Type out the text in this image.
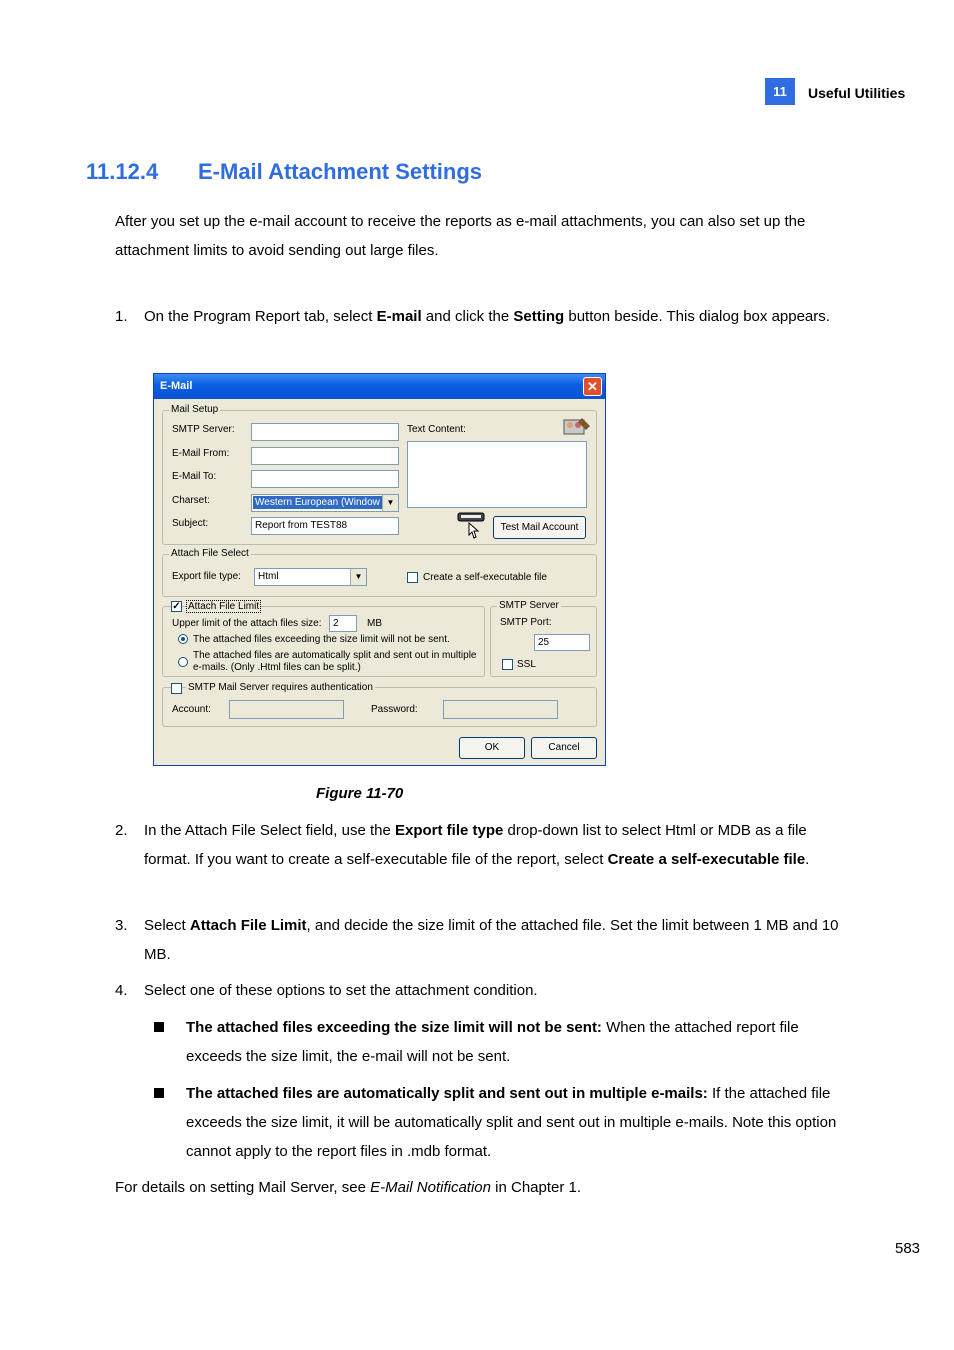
11	Useful Utilities
11.12.4 E-Mail Attachment Settings
After you set up the e-mail account to receive the reports as e-mail attachments, you can also set up the attachment limits to avoid sending out large files.
1.	On the Program Report tab, select E-mail and click the Setting button beside. This dialog box appears.
E-Mail	✕
Mail Setup
SMTP Server:
E-Mail From:
E-Mail To:
Charset:	Western European (Window ▼
Subject:	Report from TEST88
Text Content:
Test Mail Account
Attach File Select
Export file type:	Html	▼	Create a self-executable file
✓ Attach File Limit
Upper limit of the attach files size:	2	MB
The attached files exceeding the size limit will not be sent.
The attached files are automatically split and sent out in multiple
e-mails. (Only .Html files can be split.)
SMTP Server
SMTP Port:
25
SSL
SMTP Mail Server requires authentication
Account:	Password:
OK	Cancel
Figure 11-70
2.	In the Attach File Select field, use the Export file type drop-down list to select Html or MDB as a file format. If you want to create a self-executable file of the report, select Create a self-executable file.
3.	Select Attach File Limit, and decide the size limit of the attached file. Set the limit between 1 MB and 10 MB.
4.	Select one of these options to set the attachment condition.
The attached files exceeding the size limit will not be sent: When the attached report file exceeds the size limit, the e-mail will not be sent.
The attached files are automatically split and sent out in multiple e-mails: If the attached file exceeds the size limit, it will be automatically split and sent out in multiple e-mails. Note this option cannot apply to the report files in .mdb format.
For details on setting Mail Server, see E-Mail Notification in Chapter 1.
583
